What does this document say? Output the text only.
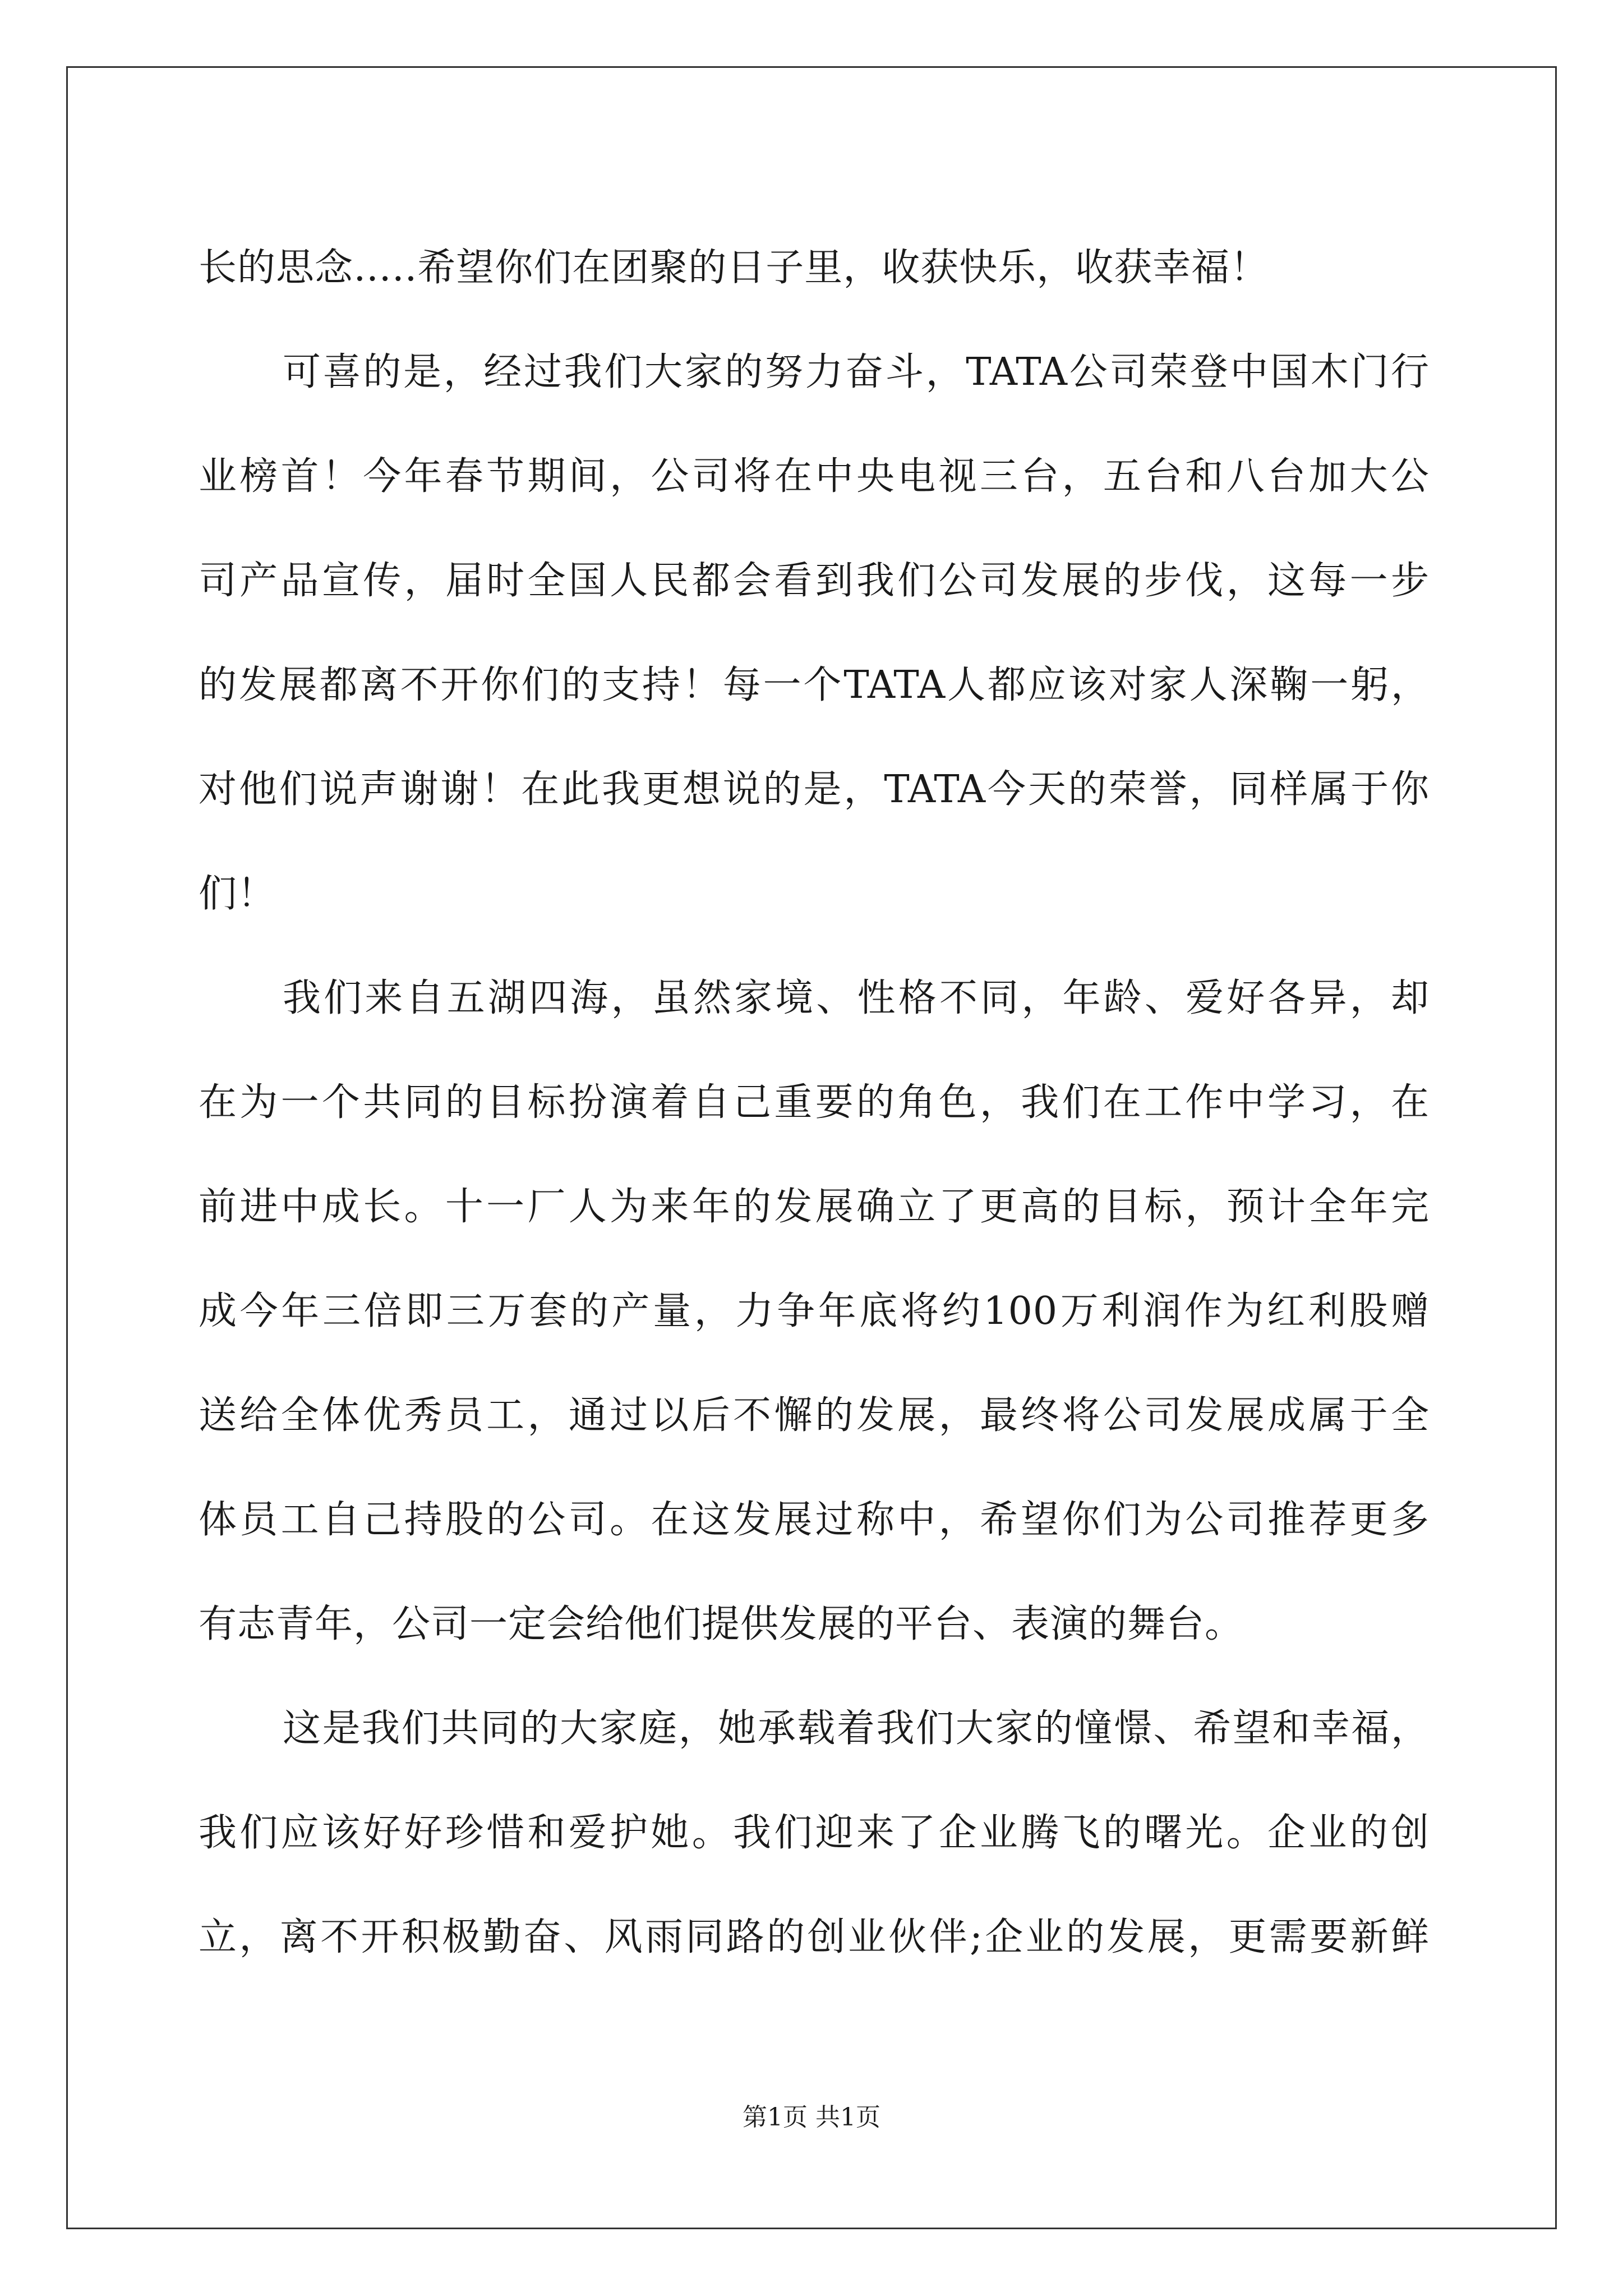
长的思念…..希望你们在团聚的日子里，收获快乐，收获幸福！
可喜的是，经过我们大家的努力奋斗，TATA公司荣登中国木门行
业榜首！今年春节期间，公司将在中央电视三台，五台和八台加大公
司产品宣传，届时全国人民都会看到我们公司发展的步伐，这每一步
的发展都离不开你们的支持！每一个TATA人都应该对家人深鞠一躬，
对他们说声谢谢！在此我更想说的是，TATA今天的荣誉，同样属于你
们！
我们来自五湖四海，虽然家境、性格不同，年龄、爱好各异，却
在为一个共同的目标扮演着自己重要的角色，我们在工作中学习，在
前进中成长。十一厂人为来年的发展确立了更高的目标，预计全年完
成今年三倍即三万套的产量，力争年底将约100万利润作为红利股赠
送给全体优秀员工，通过以后不懈的发展，最终将公司发展成属于全
体员工自己持股的公司。在这发展过称中，希望你们为公司推荐更多
有志青年，公司一定会给他们提供发展的平台、表演的舞台。
这是我们共同的大家庭，她承载着我们大家的憧憬、希望和幸福，
我们应该好好珍惜和爱护她。我们迎来了企业腾飞的曙光。企业的创
立，离不开积极勤奋、风雨同路的创业伙伴;企业的发展，更需要新鲜
第1页 共1页
